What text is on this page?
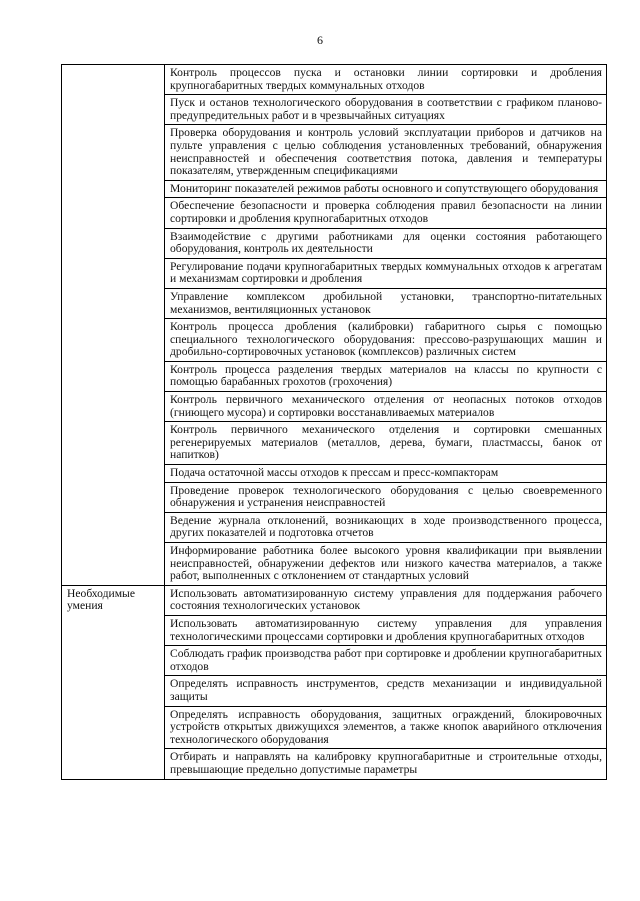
6
	Контроль процессов пуска и остановки линии сортировки и дробления крупногабаритных твердых коммунальных отходов
	Пуск и останов технологического оборудования в соответствии с графиком планово-предупредительных работ и в чрезвычайных ситуациях
	Проверка оборудования и контроль условий эксплуатации приборов и датчиков на пульте управления с целью соблюдения установленных требований, обнаружения неисправностей и обеспечения соответствия потока, давления и температуры показателям, утвержденным спецификациями
	Мониторинг показателей режимов работы основного и сопутствующего оборудования
	Обеспечение безопасности и проверка соблюдения правил безопасности на линии сортировки и дробления крупногабаритных отходов
	Взаимодействие с другими работниками для оценки состояния работающего оборудования, контроль их деятельности
	Регулирование подачи крупногабаритных твердых коммунальных отходов к агрегатам и механизмам сортировки и дробления
	Управление комплексом дробильной установки, транспортно-питательных механизмов, вентиляционных установок
	Контроль процесса дробления (калибровки) габаритного сырья с помощью специального технологического оборудования: прессово-разрушающих машин и дробильно-сортировочных установок (комплексов) различных систем
	Контроль процесса разделения твердых материалов на классы по крупности с помощью барабанных грохотов (грохочения)
	Контроль первичного механического отделения от неопасных потоков отходов (гниющего мусора) и сортировки восстанавливаемых материалов
	Контроль первичного механического отделения и сортировки смешанных регенерируемых материалов (металлов, дерева, бумаги, пластмассы, банок от напитков)
	Подача остаточной массы отходов к прессам и пресс-компакторам
	Проведение проверок технологического оборудования с целью своевременного обнаружения и устранения неисправностей
	Ведение журнала отклонений, возникающих в ходе производственного процесса, других показателей и подготовка отчетов
	Информирование работника более высокого уровня квалификации при выявлении неисправностей, обнаружении дефектов или низкого качества материалов, а также работ, выполненных с отклонением от стандартных условий
Необходимые умения	Использовать автоматизированную систему управления для поддержания рабочего состояния технологических установок
	Использовать автоматизированную систему управления для управления технологическими процессами сортировки и дробления крупногабаритных отходов
	Соблюдать график производства работ при сортировке и дроблении крупногабаритных отходов
	Определять исправность инструментов, средств механизации и индивидуальной защиты
	Определять исправность оборудования, защитных ограждений, блокировочных устройств открытых движущихся элементов, а также кнопок аварийного отключения технологического оборудования
	Отбирать и направлять на калибровку крупногабаритные и строительные отходы, превышающие предельно допустимые параметры
